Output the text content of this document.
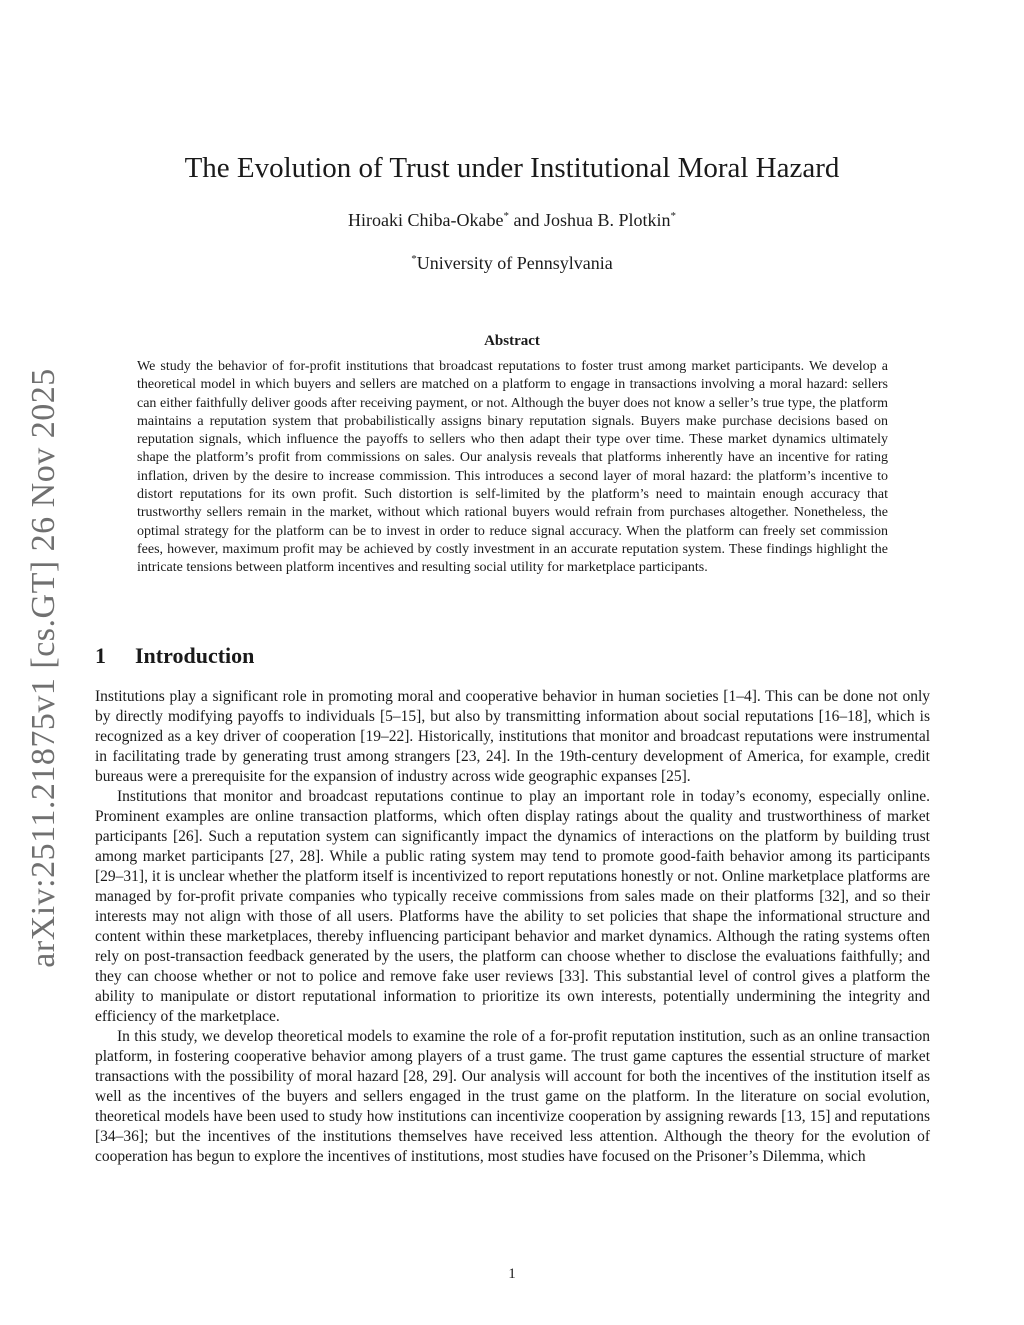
arXiv:2511.21875v1 [cs.GT] 26 Nov 2025
The Evolution of Trust under Institutional Moral Hazard
Hiroaki Chiba-Okabe* and Joshua B. Plotkin*
*University of Pennsylvania
Abstract

We study the behavior of for-profit institutions that broadcast reputations to foster trust among market participants. We develop a theoretical model in which buyers and sellers are matched on a platform to engage in transactions involving a moral hazard: sellers can either faithfully deliver goods after receiving payment, or not. Although the buyer does not know a seller’s true type, the platform maintains a reputation system that probabilistically assigns binary reputation signals. Buyers make purchase decisions based on reputation signals, which influence the payoffs to sellers who then adapt their type over time. These market dynamics ultimately shape the platform’s profit from commissions on sales. Our analysis reveals that platforms inherently have an incentive for rating inflation, driven by the desire to increase commission. This introduces a second layer of moral hazard: the platform’s incentive to distort reputations for its own profit. Such distortion is self-limited by the platform’s need to maintain enough accuracy that trustworthy sellers remain in the market, without which rational buyers would refrain from purchases altogether. Nonetheless, the optimal strategy for the platform can be to invest in order to reduce signal accuracy. When the platform can freely set commission fees, however, maximum profit may be achieved by costly investment in an accurate reputation system. These findings highlight the intricate tensions between platform incentives and resulting social utility for marketplace participants.

1 Introduction

Institutions play a significant role in promoting moral and cooperative behavior in human societies [1–4]. This can be done not only by directly modifying payoffs to individuals [5–15], but also by transmitting information about social reputations [16–18], which is recognized as a key driver of cooperation [19–22]. Historically, institutions that monitor and broadcast reputations were instrumental in facilitating trade by generating trust among strangers [23, 24]. In the 19th-century development of America, for example, credit bureaus were a prerequisite for the expansion of industry across wide geographic expanses [25].

Institutions that monitor and broadcast reputations continue to play an important role in today’s economy, especially online. Prominent examples are online transaction platforms, which often display ratings about the quality and trustworthiness of market participants [26]. Such a reputation system can significantly impact the dynamics of interactions on the platform by building trust among market participants [27, 28]. While a public rating system may tend to promote good-faith behavior among its participants [29–31], it is unclear whether the platform itself is incentivized to report reputations honestly or not. Online marketplace platforms are managed by for-profit private companies who typically receive commissions from sales made on their platforms [32], and so their interests may not align with those of all users. Platforms have the ability to set policies that shape the informational structure and content within these marketplaces, thereby influencing participant behavior and market dynamics. Although the rating systems often rely on post-transaction feedback generated by the users, the platform can choose whether to disclose the evaluations faithfully; and they can choose whether or not to police and remove fake user reviews [33]. This substantial level of control gives a platform the ability to manipulate or distort reputational information to prioritize its own interests, potentially undermining the integrity and efficiency of the marketplace.

In this study, we develop theoretical models to examine the role of a for-profit reputation institution, such as an online transaction platform, in fostering cooperative behavior among players of a trust game. The trust game captures the essential structure of market transactions with the possibility of moral hazard [28, 29]. Our analysis will account for both the incentives of the institution itself as well as the incentives of the buyers and sellers engaged in the trust game on the platform. In the literature on social evolution, theoretical models have been used to study how institutions can incentivize cooperation by assigning rewards [13, 15] and reputations [34–36]; but the incentives of the institutions themselves have received less attention. Although the theory for the evolution of cooperation has begun to explore the incentives of institutions, most studies have focused on the Prisoner’s Dilemma, which

1
